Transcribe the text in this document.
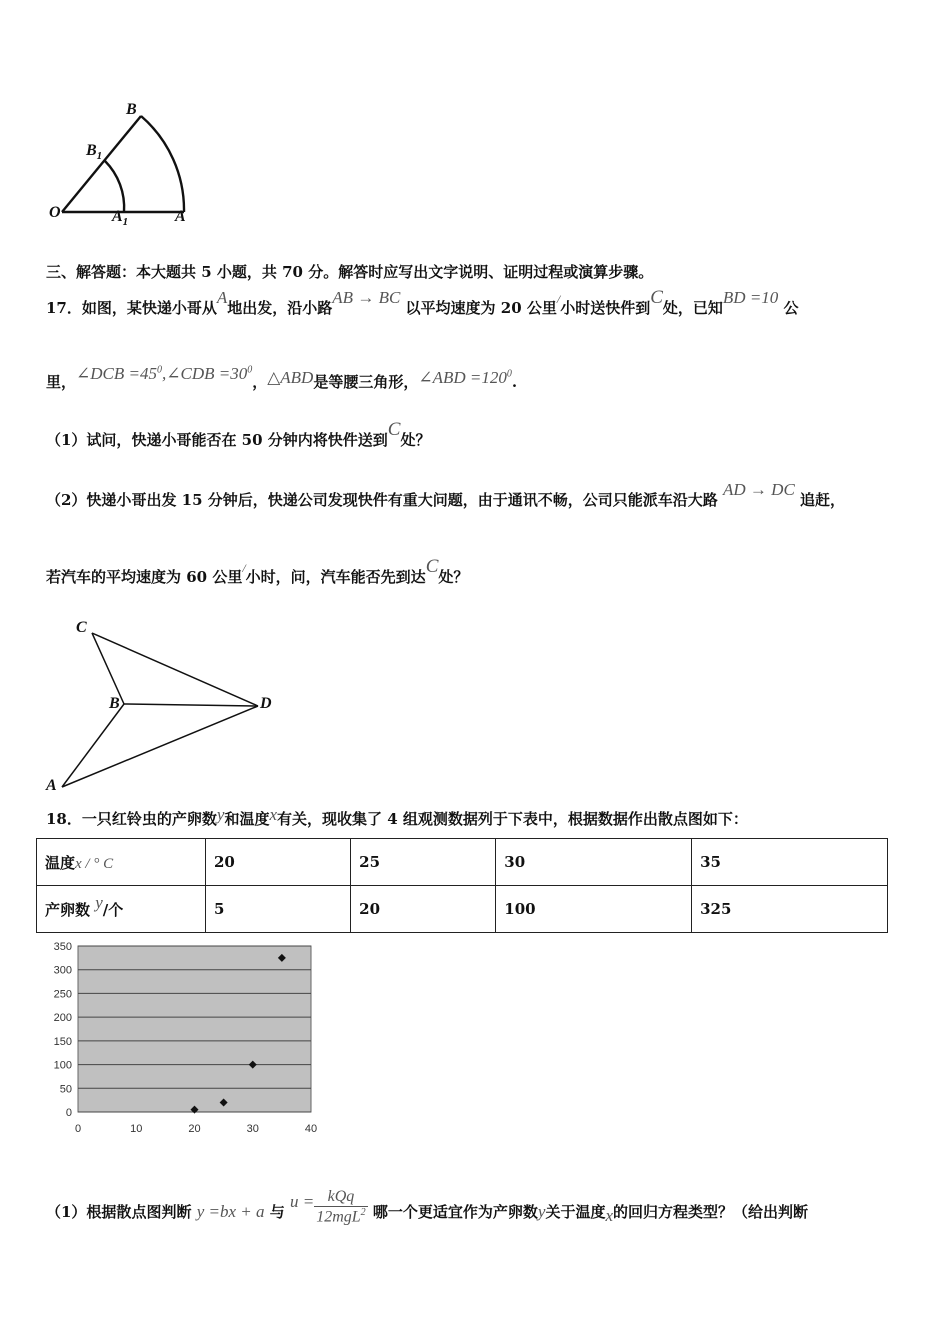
B
$B_1$
O	$A_1$	A
三、解答题：本大题共 5 小题，共 70 分。解答时应写出文字说明、证明过程或演算步骤。
17．如图，某快递小哥从A地出发，沿小路AB → BC 以平均速度为 20 公里/小时送快件到C处，已知BD =10 公
里，∠DCB $=45^0,\angle CDB =30^0$，△ABD是等腰三角形，∠ABD $=120^0$.
（1）试问，快递小哥能否在 50 分钟内将快件送到C处？
（2）快递小哥出发 15 分钟后，快递公司发现快件有重大问题，由于通讯不畅，公司只能派车沿大路 AD → DC 追赶，
若汽车的平均速度为 60 公里/小时，问，汽车能否先到达C处？
C
B	D
A
18．一只红铃虫的产卵数y和温度x有关，现收集了 4 组观测数据列于下表中，根据数据作出散点图如下：
温度x / ° C	20	25	30	35
产卵数 y/个	5	20	100	325
0
50
100
150
200
250
300
350
0	10	20	30	40
（1）根据散点图判断 y =bx + a 与 $u = \frac{\text{kQq}}{12mgL^2}$ 哪一个更适宜作为产卵数y关于温度x的回归方程类型？（给出判断
